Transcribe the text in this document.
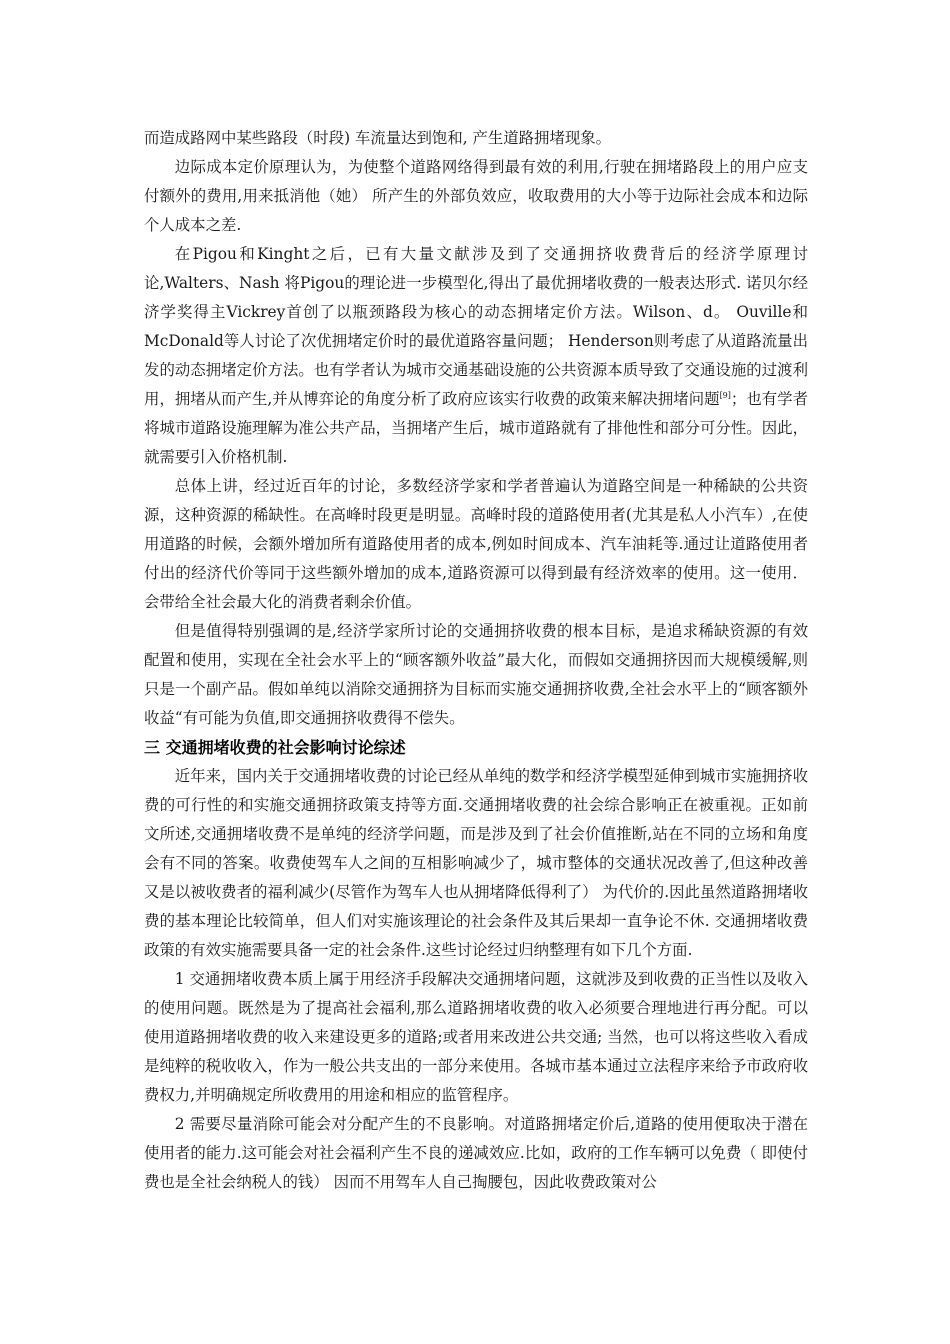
而造成路网中某些路段（时段) 车流量达到饱和, 产生道路拥堵现象。

边际成本定价原理认为，为使整个道路网络得到最有效的利用,行驶在拥堵路段上的用户应支付额外的费用,用来抵消他（她） 所产生的外部负效应，收取费用的大小等于边际社会成本和边际个人成本之差.

在Pigou和Kinght之后，已有大量文献涉及到了交通拥挤收费背后的经济学原理讨论,Walters、Nash 将Pigou的理论进一步模型化,得出了最优拥堵收费的一般表达形式. 诺贝尔经济学奖得主Vickrey首创了以瓶颈路段为核心的动态拥堵定价方法。Wilson、d。 Ouville和McDonald等人讨论了次优拥堵定价时的最优道路容量问题； Henderson则考虑了从道路流量出发的动态拥堵定价方法。也有学者认为城市交通基础设施的公共资源本质导致了交通设施的过渡利用，拥堵从而产生,并从博弈论的角度分析了政府应该实行收费的政策来解决拥堵问题[9]；也有学者将城市道路设施理解为准公共产品，当拥堵产生后，城市道路就有了排他性和部分可分性。因此，就需要引入价格机制.

总体上讲，经过近百年的讨论，多数经济学家和学者普遍认为道路空间是一种稀缺的公共资源，这种资源的稀缺性。在高峰时段更是明显。高峰时段的道路使用者(尤其是私人小汽车）,在使用道路的时候，会额外增加所有道路使用者的成本,例如时间成本、汽车油耗等.通过让道路使用者付出的经济代价等同于这些额外增加的成本,道路资源可以得到最有经济效率的使用。这一使用．会带给全社会最大化的消费者剩余价值。

但是值得特别强调的是,经济学家所讨论的交通拥挤收费的根本目标，是追求稀缺资源的有效配置和使用，实现在全社会水平上的“顾客额外收益”最大化，而假如交通拥挤因而大规模缓解,则只是一个副产品。假如单纯以消除交通拥挤为目标而实施交通拥挤收费,全社会水平上的“顾客额外收益“有可能为负值,即交通拥挤收费得不偿失。

三 交通拥堵收费的社会影响讨论综述

近年来，国内关于交通拥堵收费的讨论已经从单纯的数学和经济学模型延伸到城市实施拥挤收费的可行性的和实施交通拥挤政策支持等方面.交通拥堵收费的社会综合影响正在被重视。正如前文所述,交通拥堵收费不是单纯的经济学问题，而是涉及到了社会价值推断,站在不同的立场和角度会有不同的答案。收费使驾车人之间的互相影响减少了，城市整体的交通状况改善了,但这种改善又是以被收费者的福利减少(尽管作为驾车人也从拥堵降低得利了） 为代价的.因此虽然道路拥堵收费的基本理论比较简单，但人们对实施该理论的社会条件及其后果却一直争论不休. 交通拥堵收费政策的有效实施需要具备一定的社会条件.这些讨论经过归纳整理有如下几个方面.

1 交通拥堵收费本质上属于用经济手段解决交通拥堵问题，这就涉及到收费的正当性以及收入的使用问题。既然是为了提高社会福利,那么道路拥堵收费的收入必须要合理地进行再分配。可以使用道路拥堵收费的收入来建设更多的道路;或者用来改进公共交通; 当然，也可以将这些收入看成是纯粹的税收收入，作为一般公共支出的一部分来使用。各城市基本通过立法程序来给予市政府收费权力,并明确规定所收费用的用途和相应的监管程序。

2 需要尽量消除可能会对分配产生的不良影响。对道路拥堵定价后,道路的使用便取决于潜在使用者的能力.这可能会对社会福利产生不良的递减效应.比如，政府的工作车辆可以免费（ 即使付费也是全社会纳税人的钱） 因而不用驾车人自己掏腰包，因此收费政策对公
